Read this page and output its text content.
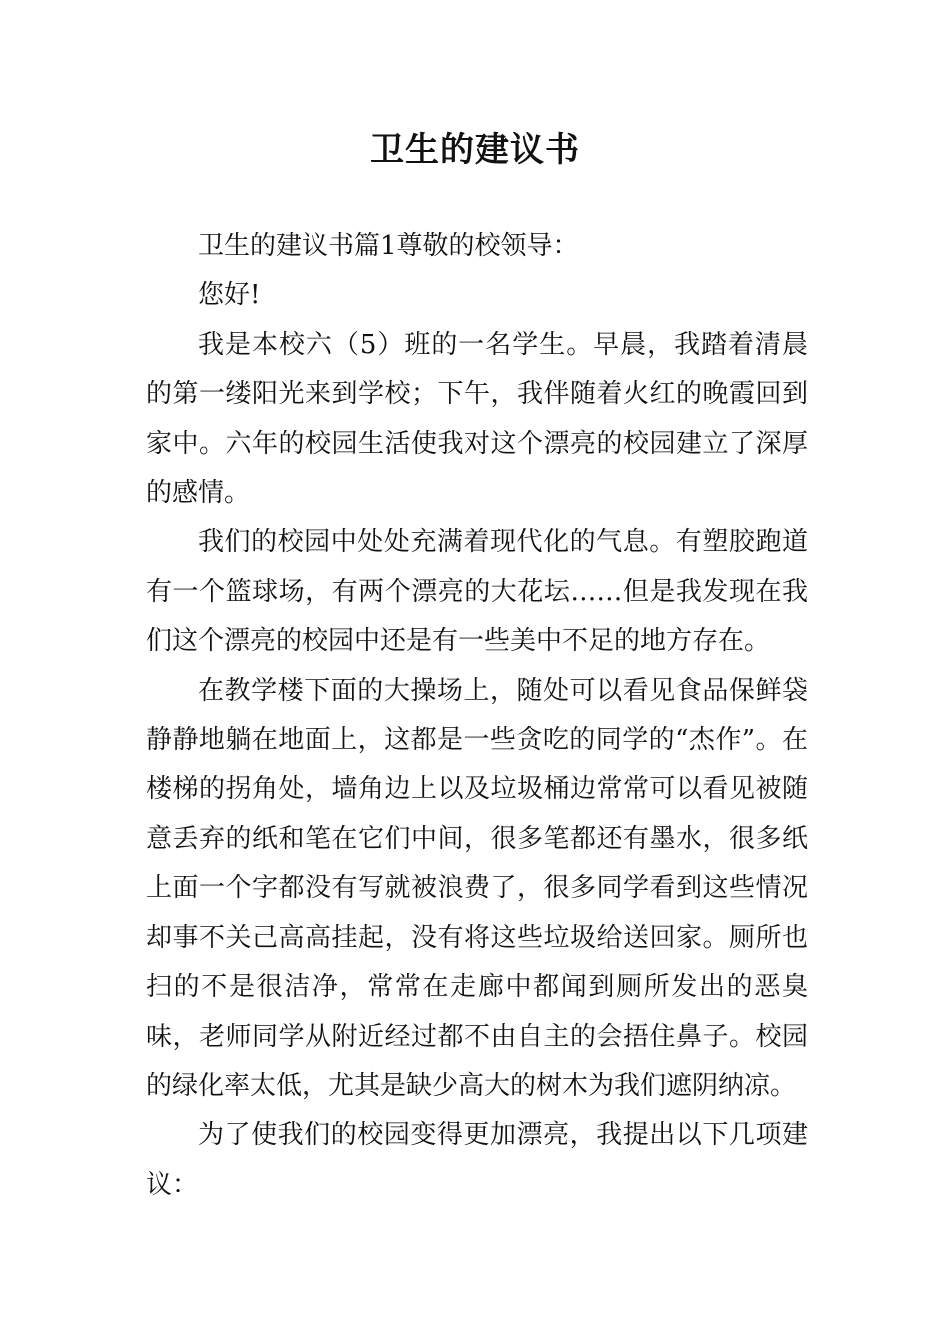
卫生的建议书

卫生的建议书篇1尊敬的校领导：

您好!

我是本校六（5）班的一名学生。早晨，我踏着清晨的第一缕阳光来到学校；下午，我伴随着火红的晚霞回到家中。六年的校园生活使我对这个漂亮的校园建立了深厚的感情。

我们的校园中处处充满着现代化的气息。有塑胶跑道有一个篮球场，有两个漂亮的大花坛……但是我发现在我们这个漂亮的校园中还是有一些美中不足的地方存在。

在教学楼下面的大操场上，随处可以看见食品保鲜袋静静地躺在地面上，这都是一些贪吃的同学的“杰作”。在楼梯的拐角处，墙角边上以及垃圾桶边常常可以看见被随意丢弃的纸和笔在它们中间，很多笔都还有墨水，很多纸上面一个字都没有写就被浪费了，很多同学看到这些情况却事不关己高高挂起，没有将这些垃圾给送回家。厕所也扫的不是很洁净，常常在走廊中都闻到厕所发出的恶臭味，老师同学从附近经过都不由自主的会捂住鼻子。校园的绿化率太低，尤其是缺少高大的树木为我们遮阴纳凉。

为了使我们的校园变得更加漂亮，我提出以下几项建议：
